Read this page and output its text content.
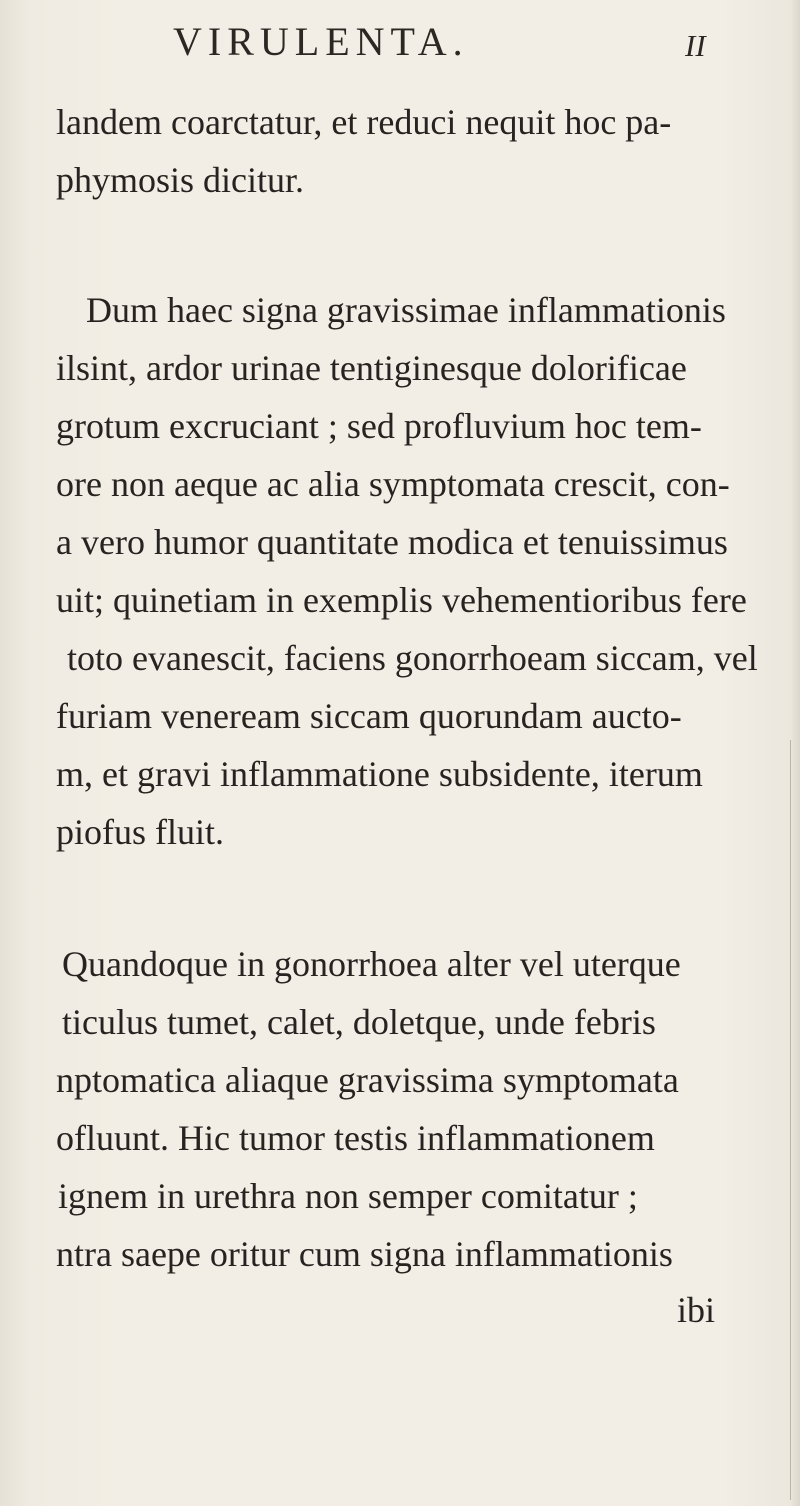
VIRULENTA.	II
landem coarctatur, et reduci nequit hoc pa-
phymosis dicitur.
Dum haec signa gravissimae inflammationis
ilsint, ardor urinae tentiginesque dolorificae
grotum excruciant ; sed profluvium hoc tem-
ore non aeque ac alia symptomata crescit, con-
a vero humor quantitate modica et tenuissimus
uit; quinetiam in exemplis vehementioribus fere
toto evanescit, faciens gonorrhoeam siccam, vel
furiam veneream siccam quorundam aucto-
m, et gravi inflammatione subsidente, iterum
piofus fluit.
Quandoque in gonorrhoea alter vel uterque
ticulus tumet, calet, doletque, unde febris
nptomatica aliaque gravissima symptomata
ofluunt. Hic tumor testis inflammationem
ignem in urethra non semper comitatur ;
ntra saepe oritur cum signa inflammationis
ibi
